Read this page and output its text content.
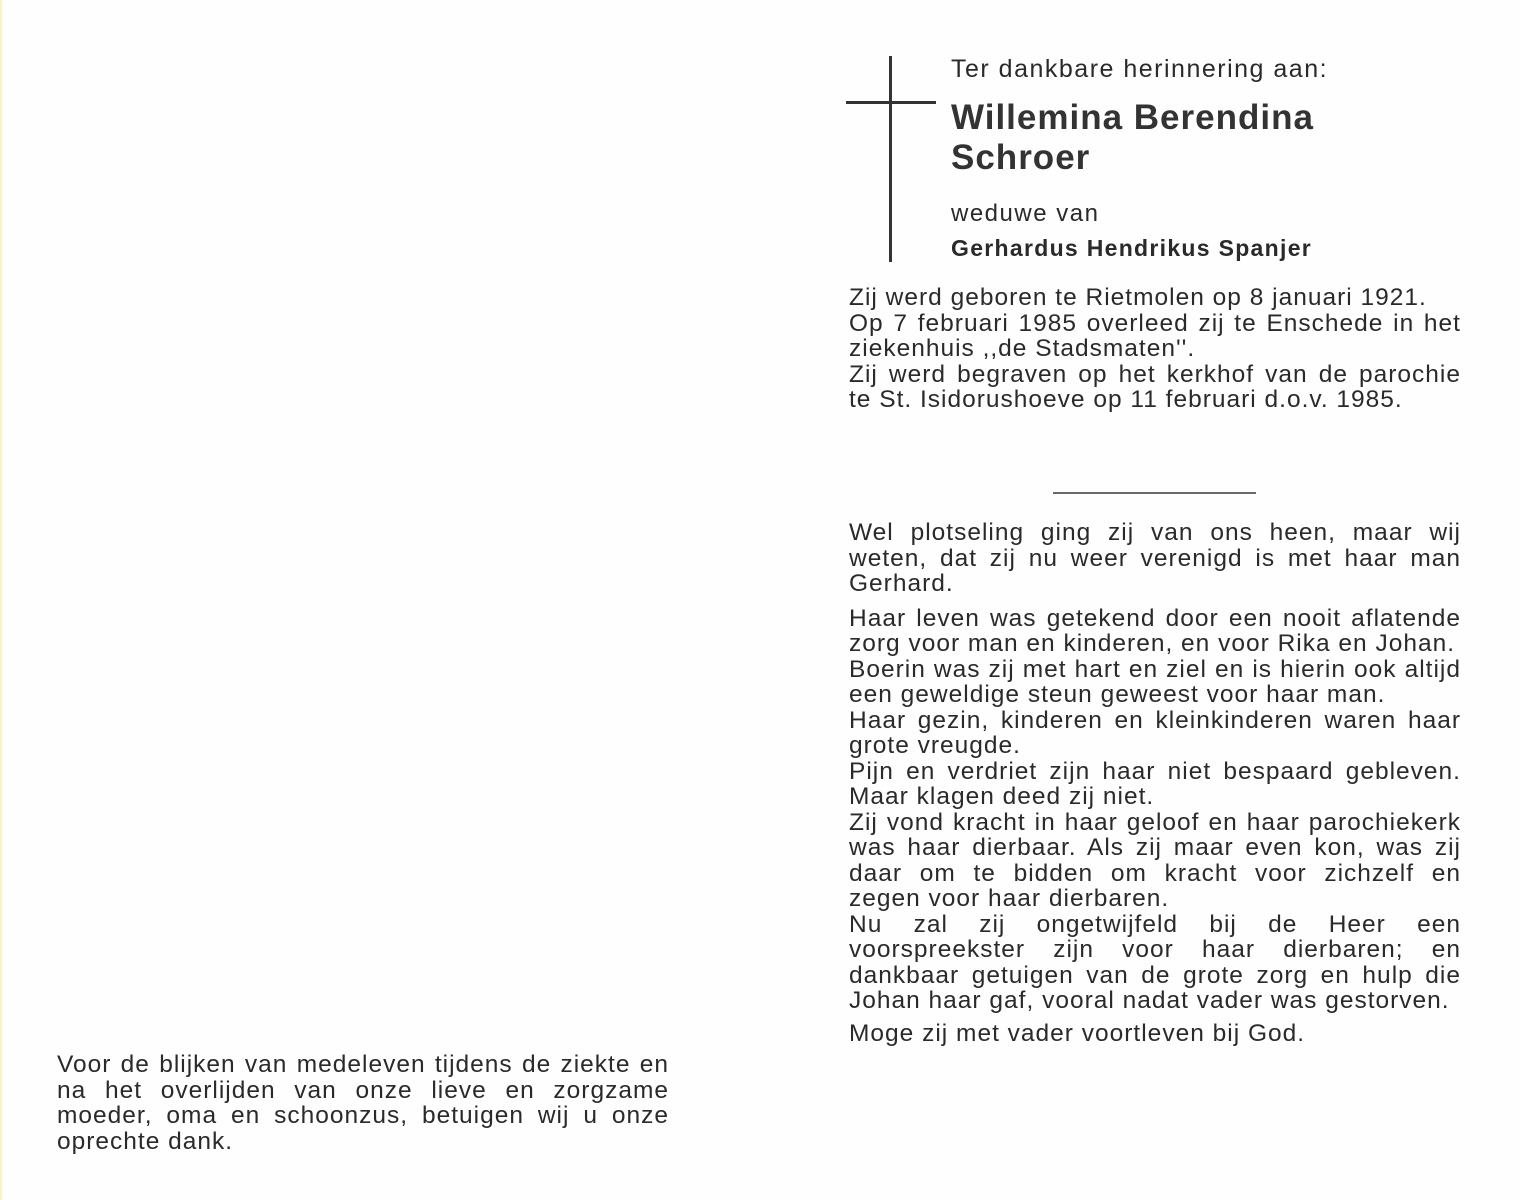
Ter dankbare herinnering aan:
Willemina Berendina
Schroer
weduwe van
Gerhardus Hendrikus Spanjer
Zij werd geboren te Rietmolen op 8 januari 1921.
Op 7 februari 1985 overleed zij te Enschede in het ziekenhuis ,,de Stadsmaten''.
Zij werd begraven op het kerkhof van de parochie te St. Isidorushoeve op 11 februari d.o.v. 1985.
Wel plotseling ging zij van ons heen, maar wij weten, dat zij nu weer verenigd is met haar man Gerhard.
Haar leven was getekend door een nooit aflatende zorg voor man en kinderen, en voor Rika en Johan.
Boerin was zij met hart en ziel en is hierin ook altijd een geweldige steun geweest voor haar man.
Haar gezin, kinderen en kleinkinderen waren haar grote vreugde.
Pijn en verdriet zijn haar niet bespaard gebleven. Maar klagen deed zij niet.
Zij vond kracht in haar geloof en haar parochiekerk was haar dierbaar. Als zij maar even kon, was zij daar om te bidden om kracht voor zichzelf en zegen voor haar dierbaren.
Nu zal zij ongetwijfeld bij de Heer een voorspreekster zijn voor haar dierbaren; en dankbaar getuigen van de grote zorg en hulp die Johan haar gaf, vooral nadat vader was gestorven.
Moge zij met vader voortleven bij God.
Voor de blijken van medeleven tijdens de ziekte en na het overlijden van onze lieve en zorgzame moeder, oma en schoonzus, betuigen wij u onze oprechte dank.
